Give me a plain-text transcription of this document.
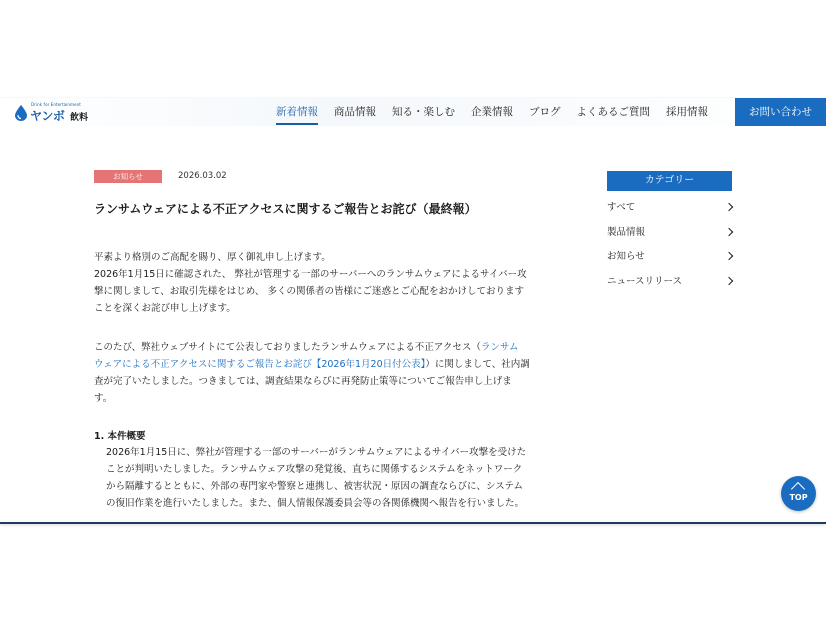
Drink for Entertainment
ヤンボ 飲料	新着情報	商品情報	知る・楽しむ	企業情報	ブログ	よくあるご質問	採用情報	お問い合わせ
お知らせ	2026.03.02
ランサムウェアによる不正アクセスに関するご報告とお詫び（最終報）

平素より格別のご高配を賜り、厚く御礼申し上げます。
2026年1月15日に確認された、 弊社が管理する一部のサーバーへのランサムウェアによるサイバー攻
撃に関しまして、お取引先様をはじめ、 多くの関係者の皆様にご迷惑とご心配をおかけしております
ことを深くお詫び申し上げます。

このたび、弊社ウェブサイトにて公表しておりましたランサムウェアによる不正アクセス（ランサム
ウェアによる不正アクセスに関するご報告とお詫び【2026年1月20日付公表】）に関しまして、社内調
査が完了いたしました。つきましては、調査結果ならびに再発防止策等についてご報告申し上げま
す。

1. 本件概要

2026年1月15日に、弊社が管理する一部のサーバーがランサムウェアによるサイバー攻撃を受けた
ことが判明いたしました。ランサムウェア攻撃の発覚後、直ちに関係するシステムをネットワーク
から隔離するとともに、外部の専門家や警察と連携し、被害状況・原因の調査ならびに、システム
の復旧作業を進行いたしました。また、個人情報保護委員会等の各関係機関へ報告を行いました。

カテゴリー
すべて
製品情報
お知らせ
ニュースリリース
TOP
